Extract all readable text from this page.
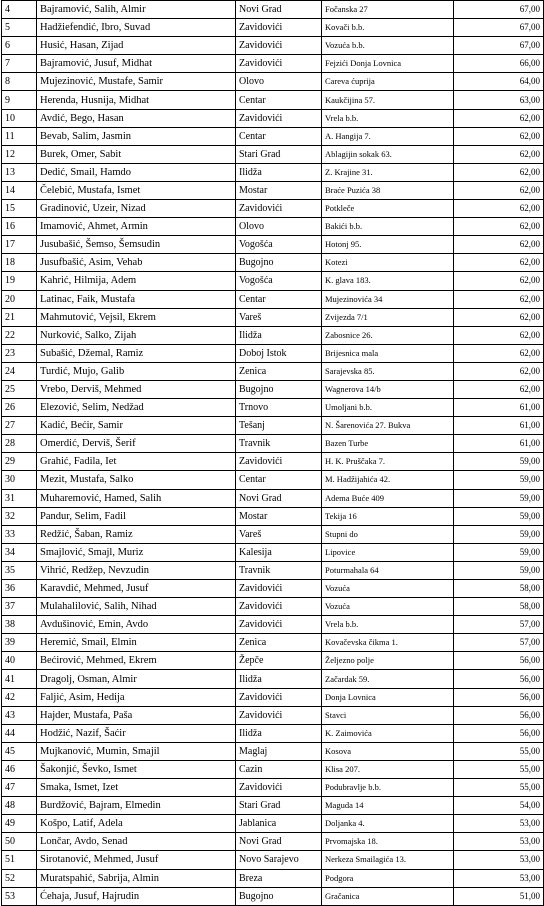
4	Bajramović, Salih, Almir	Novi Grad	Fočanska 27	67,00
5	Hadžiefendić, Ibro, Suvad	Zavidovići	Kovači b.b.	67,00
6	Husić, Hasan, Zijad	Zavidovići	Vozuća b.b.	67,00
7	Bajramović, Jusuf, Midhat	Zavidovići	Fejzići Donja Lovnica	66,00
8	Mujezinović, Mustafe, Samir	Olovo	Careva ćuprija	64,00
9	Herenda, Husnija, Midhat	Centar	Kaukčijina 57.	63,00
10	Avdić, Bego, Hasan	Zavidovići	Vrela b.b.	62,00
11	Bevab, Salim, Jasmin	Centar	A. Hangija 7.	62,00
12	Burek, Omer, Sabit	Stari Grad	Ablagijin sokak 63.	62,00
13	Dedić, Smail, Hamdo	Ilidža	Z. Krajine 31.	62,00
14	Čelebić, Mustafa, Ismet	Mostar	Braće Puzića 38	62,00
15	Gradinović, Uzeir, Nizad	Zavidovići	Potkleče	62,00
16	Imamović, Ahmet, Armin	Olovo	Bakići b.b.	62,00
17	Jusubašić, Šemso, Šemsudin	Vogošća	Hotonj 95.	62,00
18	Jusufbašić, Asim, Vehab	Bugojno	Kotezi	62,00
19	Kahrić, Hilmija, Adem	Vogošća	K. glava 183.	62,00
20	Latinac, Faik, Mustafa	Centar	Mujezinovića 34	62,00
21	Mahmutović, Vejsil, Ekrem	Vareš	Zvijezda 7/1	62,00
22	Nurković, Salko, Zijah	Ilidža	Zabosnice 26.	62,00
23	Subašić, Džemal, Ramiz	Doboj Istok	Brijesnica mala	62,00
24	Turdić, Mujo, Galib	Zenica	Sarajevska 85.	62,00
25	Vrebo, Derviš, Mehmed	Bugojno	Wagnerova 14/b	62,00
26	Elezović, Selim, Nedžad	Trnovo	Umoljani b.b.	61,00
27	Kadić, Bećir, Samir	Tešanj	N. Šarenovića 27. Bukva	61,00
28	Omerdić, Derviš, Šerif	Travnik	Bazen Turbe	61,00
29	Grahić, Fadila, Iet	Zavidovići	H. K. Pruščaka 7.	59,00
30	Mezit, Mustafa, Salko	Centar	M. Hadžijahića 42.	59,00
31	Muharemović, Hamed, Salih	Novi Grad	Adema Buće 409	59,00
32	Pandur, Selim, Fadil	Mostar	Tekija 16	59,00
33	Redžić, Šaban, Ramiz	Vareš	Stupni do	59,00
34	Smajlović, Smajl, Muriz	Kalesija	Lipovice	59,00
35	Vihrić, Redžep, Nevzudin	Travnik	Poturmahala 64	59,00
36	Karavdić, Mehmed, Jusuf	Zavidovići	Vozuća	58,00
37	Mulahalilović, Salih, Nihad	Zavidovići	Vozuća	58,00
38	Avdušinović, Emin, Avdo	Zavidovići	Vrela b.b.	57,00
39	Heremić, Smail, Elmin	Zenica	Kovačevska čikma 1.	57,00
40	Bećirović, Mehmed, Ekrem	Žepče	Željezno polje	56,00
41	Dragolj, Osman, Almir	Ilidža	Začardak 59.	56,00
42	Faljić, Asim, Hedija	Zavidovići	Donja Lovnica	56,00
43	Hajder, Mustafa, Paša	Zavidovići	Stavci	56,00
44	Hodžić, Nazif, Šaćir	Ilidža	K. Zaimovića	56,00
45	Mujkanović, Mumin, Smajil	Maglaj	Kosova	55,00
46	Šakonjić, Ševko, Ismet	Cazin	Klisa 207.	55,00
47	Smaka, Ismet, Izet	Zavidovići	Podubravlje b.b.	55,00
48	Burdžović, Bajram, Elmedin	Stari Grad	Maguda 14	54,00
49	Košpo, Latif, Adela	Jablanica	Doljanka 4.	53,00
50	Lončar, Avdo, Senad	Novi Grad	Prvomajska 18.	53,00
51	Sirotanović, Mehmed, Jusuf	Novo Sarajevo	Nerkeza Smailagića 13.	53,00
52	Muratspahić, Sabrija, Almin	Breza	Podgora	53,00
53	Ćehaja, Jusuf, Hajrudin	Bugojno	Gračanica	51,00
